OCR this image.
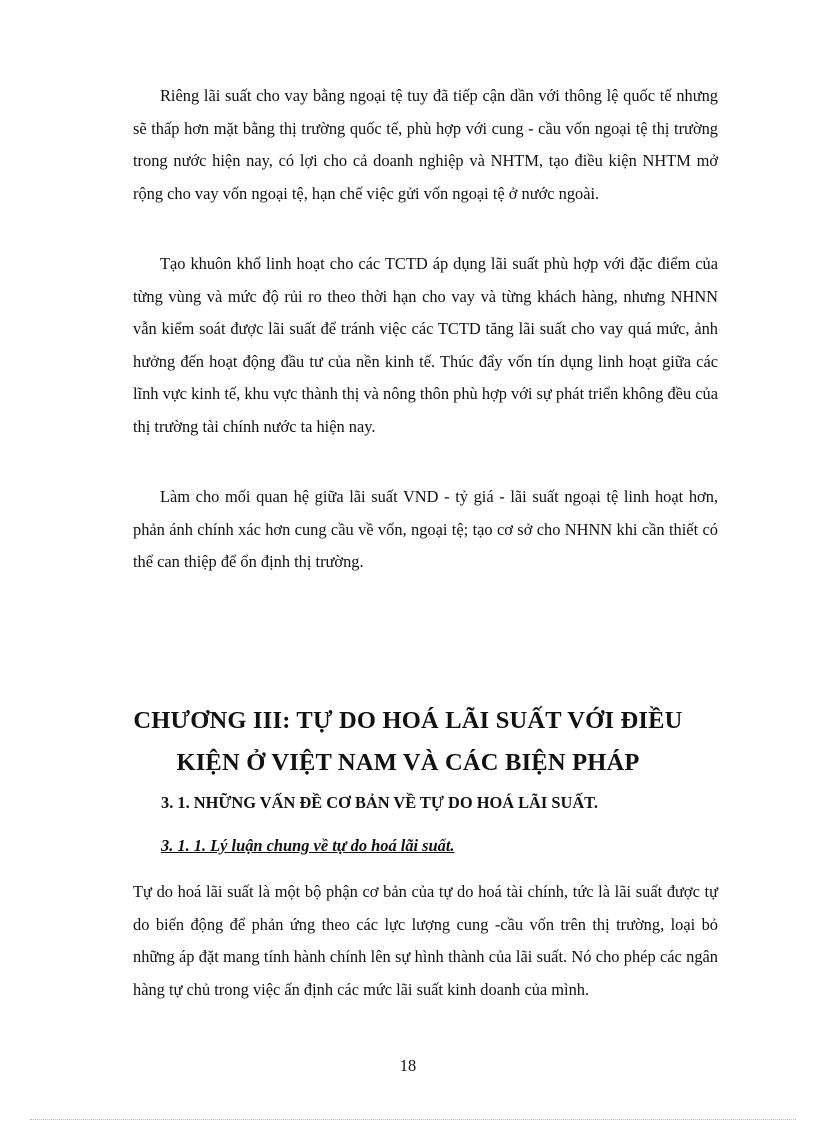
Riêng lãi suất cho vay bằng ngoại tệ tuy đã tiếp cận dần với thông lệ quốc tế nhưng sẽ thấp hơn mặt bằng thị trường quốc tế, phù hợp với cung - cầu vốn ngoại tệ thị trường trong nước hiện nay, có lợi cho cả doanh nghiệp và NHTM, tạo điều kiện NHTM mở rộng cho vay vốn ngoại tệ, hạn chế việc gửi vốn ngoại tệ ở nước ngoài.

Tạo khuôn khổ linh hoạt cho các TCTD áp dụng lãi suất phù hợp với đặc điểm của từng vùng và mức độ rủi ro theo thời hạn cho vay và từng khách hàng, nhưng NHNN vẫn kiểm soát được lãi suất để tránh việc các TCTD tăng lãi suất cho vay quá mức, ảnh hưởng đến hoạt động đầu tư của nền kinh tế. Thúc đẩy vốn tín dụng linh hoạt giữa các lĩnh vực kinh tế, khu vực thành thị và nông thôn phù hợp với sự phát triển không đều của thị trường tài chính nước ta hiện nay.

Làm cho mối quan hệ giữa lãi suất VND - tỷ giá - lãi suất ngoại tệ linh hoạt hơn, phản ánh chính xác hơn cung cầu về vốn, ngoại tệ; tạo cơ sở cho NHNN khi cần thiết có thể can thiệp để ổn định thị trường.

CHƯƠNG III: TỰ DO HOÁ LÃI SUẤT VỚI ĐIỀU KIỆN Ở VIỆT NAM VÀ CÁC BIỆN PHÁP
3. 1. NHỮNG VẤN ĐỀ CƠ BẢN VỀ TỰ DO HOÁ LÃI SUẤT.
3. 1. 1. Lý luận chung về tự do hoá lãi suất.

Tự do hoá lãi suất là một bộ phận cơ bản của tự do hoá tài chính, tức là lãi suất được tự do biến động để phản ứng theo các lực lượng cung -cầu vốn trên thị trường, loại bỏ những áp đặt mang tính hành chính lên sự hình thành của lãi suất. Nó cho phép các ngân hàng tự chủ trong việc ấn định các mức lãi suất kinh doanh của mình.

18
